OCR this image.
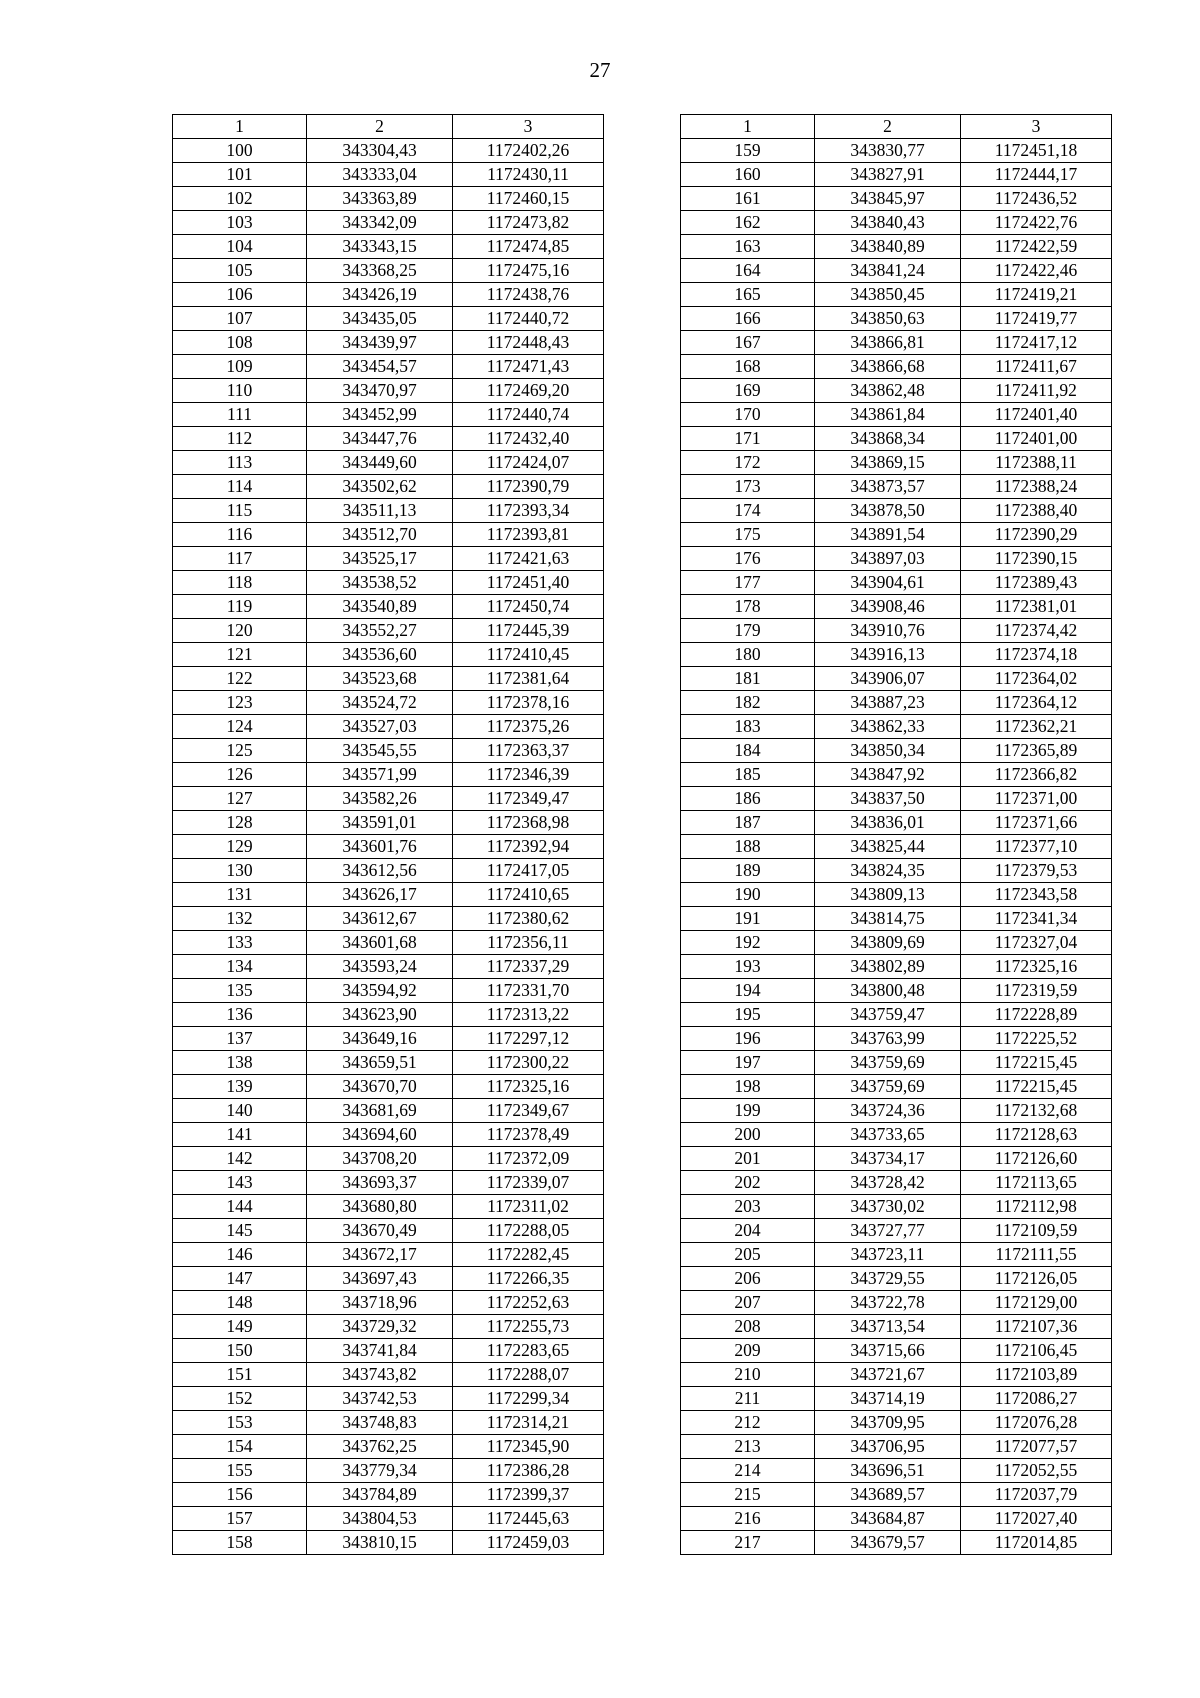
27
1	2	3
100	343304,43	1172402,26
101	343333,04	1172430,11
102	343363,89	1172460,15
103	343342,09	1172473,82
104	343343,15	1172474,85
105	343368,25	1172475,16
106	343426,19	1172438,76
107	343435,05	1172440,72
108	343439,97	1172448,43
109	343454,57	1172471,43
110	343470,97	1172469,20
111	343452,99	1172440,74
112	343447,76	1172432,40
113	343449,60	1172424,07
114	343502,62	1172390,79
115	343511,13	1172393,34
116	343512,70	1172393,81
117	343525,17	1172421,63
118	343538,52	1172451,40
119	343540,89	1172450,74
120	343552,27	1172445,39
121	343536,60	1172410,45
122	343523,68	1172381,64
123	343524,72	1172378,16
124	343527,03	1172375,26
125	343545,55	1172363,37
126	343571,99	1172346,39
127	343582,26	1172349,47
128	343591,01	1172368,98
129	343601,76	1172392,94
130	343612,56	1172417,05
131	343626,17	1172410,65
132	343612,67	1172380,62
133	343601,68	1172356,11
134	343593,24	1172337,29
135	343594,92	1172331,70
136	343623,90	1172313,22
137	343649,16	1172297,12
138	343659,51	1172300,22
139	343670,70	1172325,16
140	343681,69	1172349,67
141	343694,60	1172378,49
142	343708,20	1172372,09
143	343693,37	1172339,07
144	343680,80	1172311,02
145	343670,49	1172288,05
146	343672,17	1172282,45
147	343697,43	1172266,35
148	343718,96	1172252,63
149	343729,32	1172255,73
150	343741,84	1172283,65
151	343743,82	1172288,07
152	343742,53	1172299,34
153	343748,83	1172314,21
154	343762,25	1172345,90
155	343779,34	1172386,28
156	343784,89	1172399,37
157	343804,53	1172445,63
158	343810,15	1172459,03
1	2	3
159	343830,77	1172451,18
160	343827,91	1172444,17
161	343845,97	1172436,52
162	343840,43	1172422,76
163	343840,89	1172422,59
164	343841,24	1172422,46
165	343850,45	1172419,21
166	343850,63	1172419,77
167	343866,81	1172417,12
168	343866,68	1172411,67
169	343862,48	1172411,92
170	343861,84	1172401,40
171	343868,34	1172401,00
172	343869,15	1172388,11
173	343873,57	1172388,24
174	343878,50	1172388,40
175	343891,54	1172390,29
176	343897,03	1172390,15
177	343904,61	1172389,43
178	343908,46	1172381,01
179	343910,76	1172374,42
180	343916,13	1172374,18
181	343906,07	1172364,02
182	343887,23	1172364,12
183	343862,33	1172362,21
184	343850,34	1172365,89
185	343847,92	1172366,82
186	343837,50	1172371,00
187	343836,01	1172371,66
188	343825,44	1172377,10
189	343824,35	1172379,53
190	343809,13	1172343,58
191	343814,75	1172341,34
192	343809,69	1172327,04
193	343802,89	1172325,16
194	343800,48	1172319,59
195	343759,47	1172228,89
196	343763,99	1172225,52
197	343759,69	1172215,45
198	343759,69	1172215,45
199	343724,36	1172132,68
200	343733,65	1172128,63
201	343734,17	1172126,60
202	343728,42	1172113,65
203	343730,02	1172112,98
204	343727,77	1172109,59
205	343723,11	1172111,55
206	343729,55	1172126,05
207	343722,78	1172129,00
208	343713,54	1172107,36
209	343715,66	1172106,45
210	343721,67	1172103,89
211	343714,19	1172086,27
212	343709,95	1172076,28
213	343706,95	1172077,57
214	343696,51	1172052,55
215	343689,57	1172037,79
216	343684,87	1172027,40
217	343679,57	1172014,85
